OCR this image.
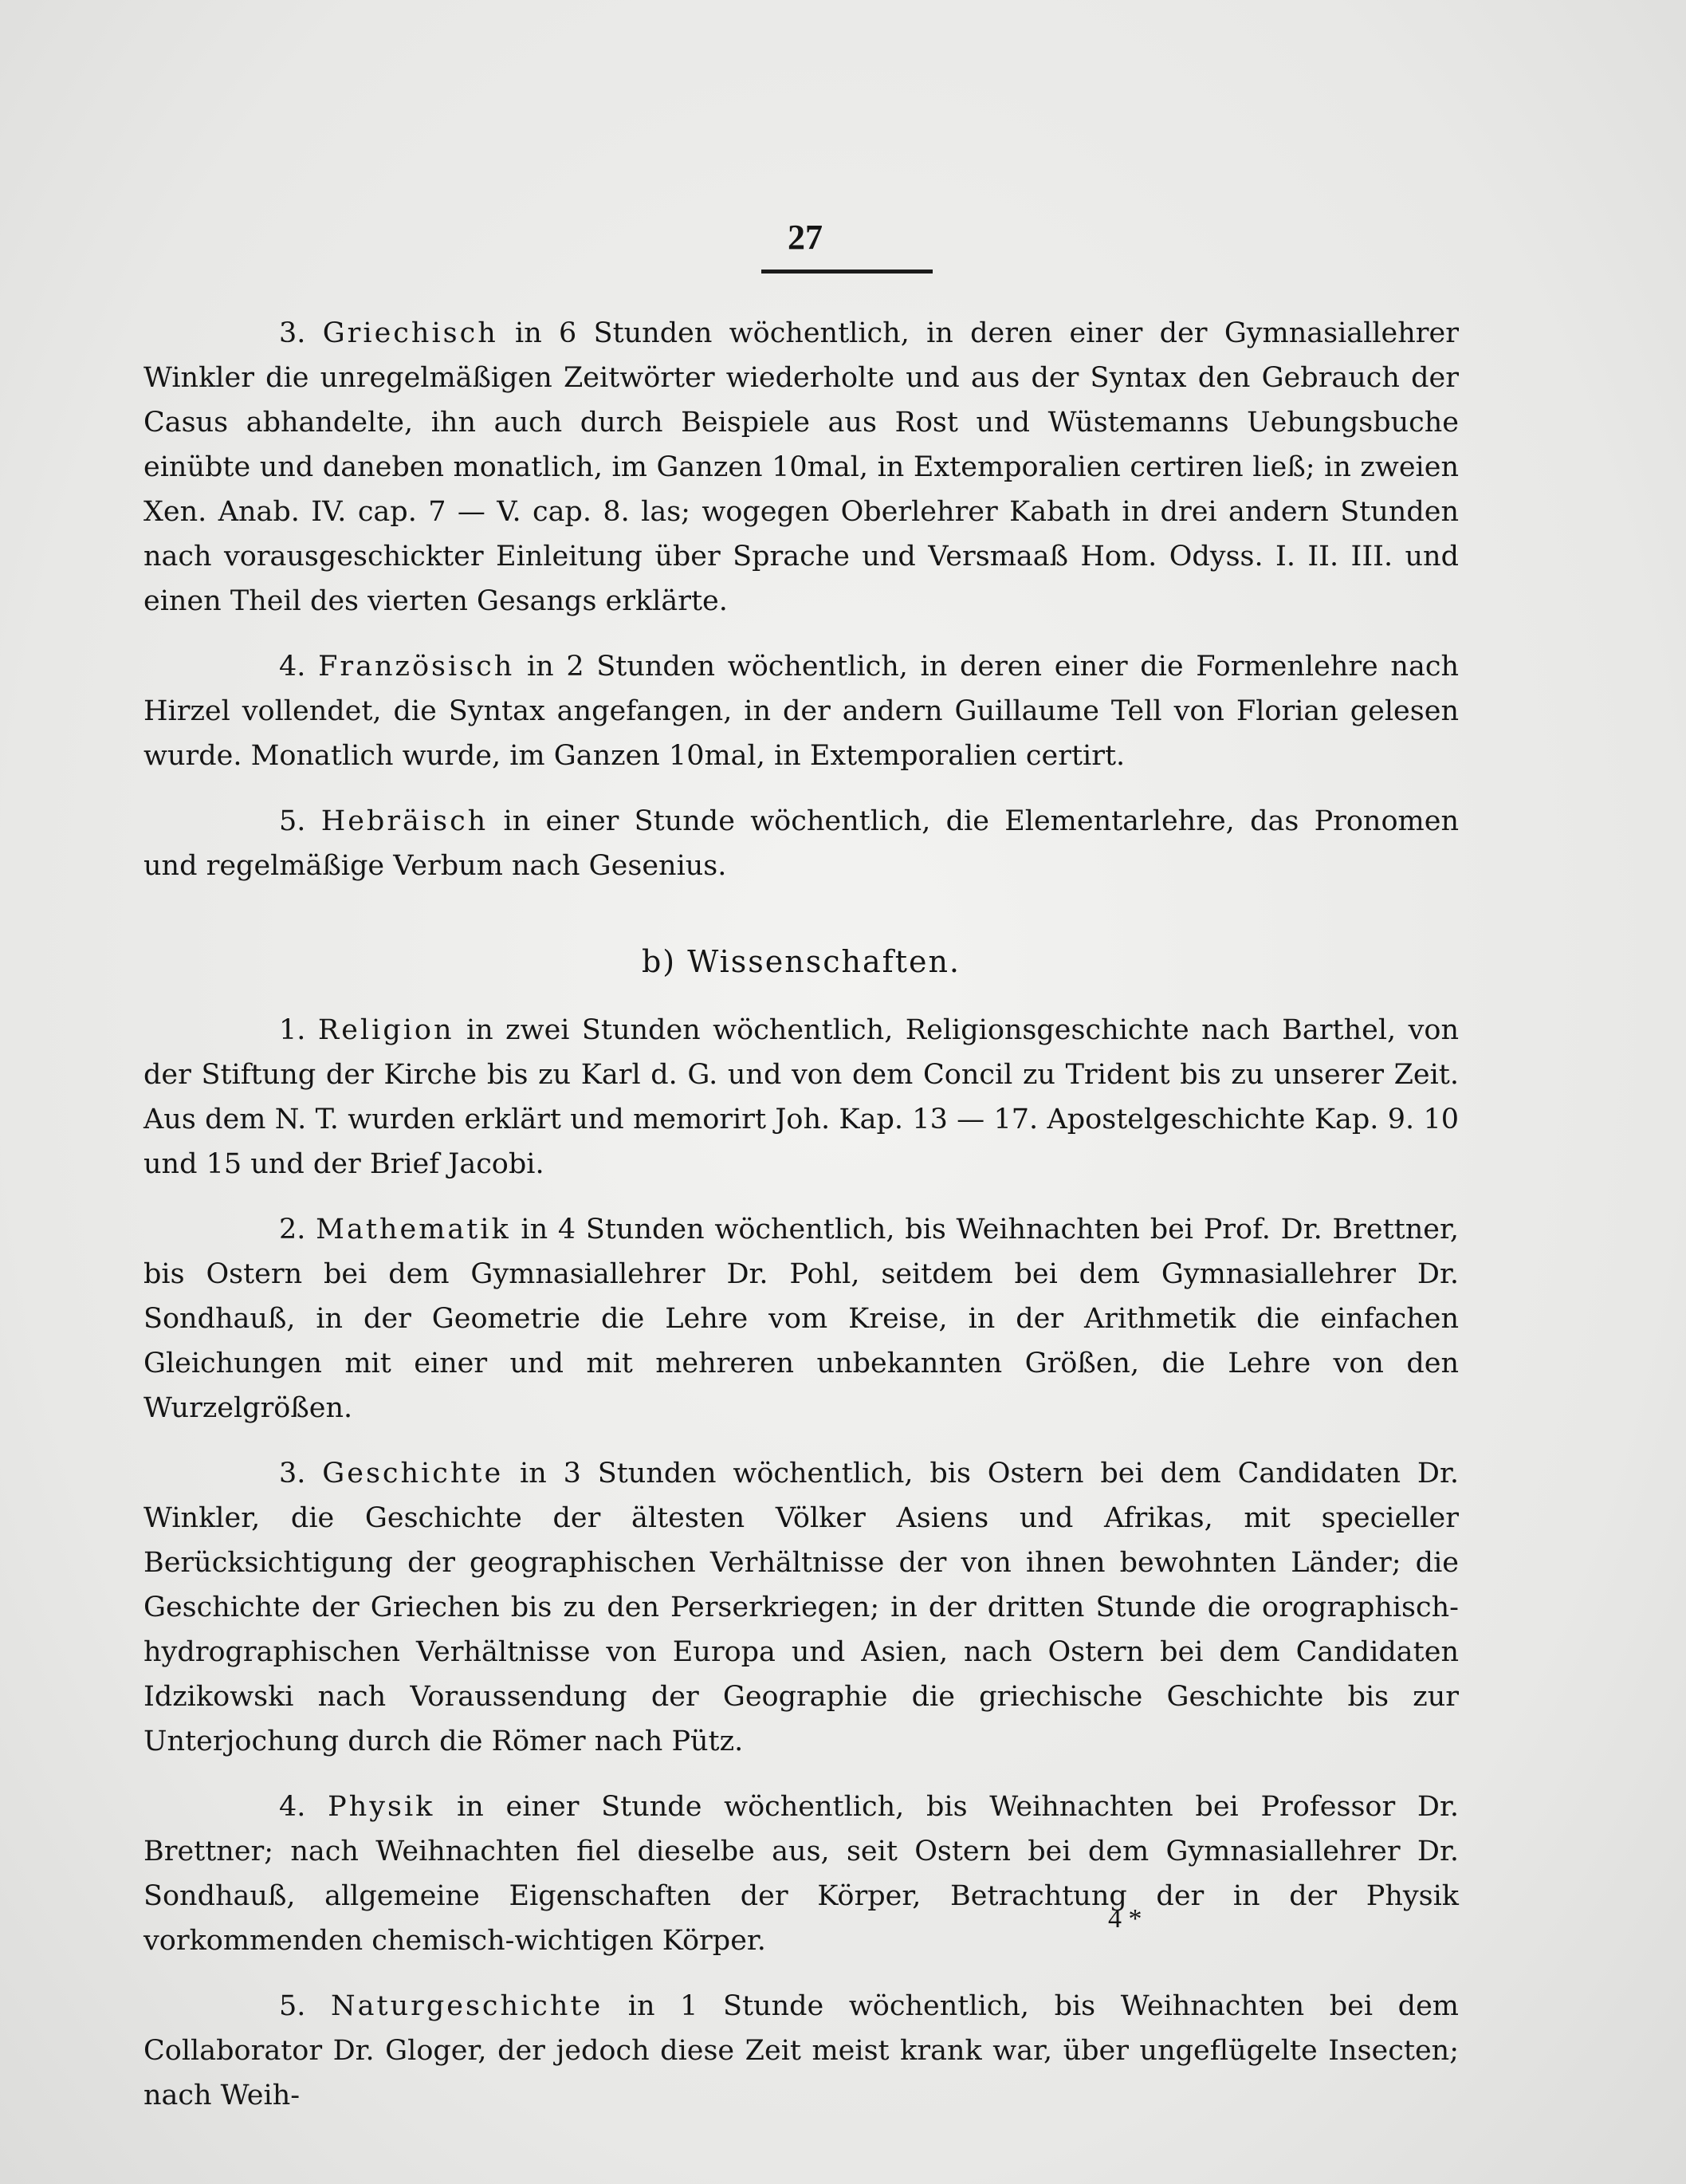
27

3. Griechisch in 6 Stunden wöchentlich, in deren einer der Gymnasiallehrer Winkler die unregelmäßigen Zeitwörter wiederholte und aus der Syntax den Gebrauch der Casus abhandelte, ihn auch durch Beispiele aus Rost und Wüstemanns Uebungsbuche einübte und daneben monatlich, im Ganzen 10mal, in Extemporalien certiren ließ; in zweien Xen. Anab. IV. cap. 7 — V. cap. 8. las; wogegen Oberlehrer Kabath in drei andern Stunden nach vorausgeschickter Einleitung über Sprache und Versmaaß Hom. Odyss. I. II. III. und einen Theil des vierten Gesangs erklärte.

4. Französisch in 2 Stunden wöchentlich, in deren einer die Formenlehre nach Hirzel vollendet, die Syntax angefangen, in der andern Guillaume Tell von Florian gelesen wurde. Monatlich wurde, im Ganzen 10mal, in Extemporalien certirt.

5. Hebräisch in einer Stunde wöchentlich, die Elementarlehre, das Pronomen und regelmäßige Verbum nach Gesenius.

b) Wissenschaften.

1. Religion in zwei Stunden wöchentlich, Religionsgeschichte nach Barthel, von der Stiftung der Kirche bis zu Karl d. G. und von dem Concil zu Trident bis zu unserer Zeit. Aus dem N. T. wurden erklärt und memorirt Joh. Kap. 13 — 17. Apostelgeschichte Kap. 9. 10 und 15 und der Brief Jacobi.

2. Mathematik in 4 Stunden wöchentlich, bis Weihnachten bei Prof. Dr. Brettner, bis Ostern bei dem Gymnasiallehrer Dr. Pohl, seitdem bei dem Gymnasiallehrer Dr. Sondhauß, in der Geometrie die Lehre vom Kreise, in der Arithmetik die einfachen Gleichungen mit einer und mit mehreren unbekannten Größen, die Lehre von den Wurzelgrößen.

3. Geschichte in 3 Stunden wöchentlich, bis Ostern bei dem Candidaten Dr. Winkler, die Geschichte der ältesten Völker Asiens und Afrikas, mit specieller Berücksichtigung der geographischen Verhältnisse der von ihnen bewohnten Länder; die Geschichte der Griechen bis zu den Perserkriegen; in der dritten Stunde die orographisch-hydrographischen Verhältnisse von Europa und Asien, nach Ostern bei dem Candidaten Idzikowski nach Voraussendung der Geographie die griechische Geschichte bis zur Unterjochung durch die Römer nach Pütz.

4. Physik in einer Stunde wöchentlich, bis Weihnachten bei Professor Dr. Brettner; nach Weihnachten fiel dieselbe aus, seit Ostern bei dem Gymnasiallehrer Dr. Sondhauß, allgemeine Eigenschaften der Körper, Betrachtung der in der Physik vorkommenden chemisch-wichtigen Körper.

5. Naturgeschichte in 1 Stunde wöchentlich, bis Weihnachten bei dem Collaborator Dr. Gloger, der jedoch diese Zeit meist krank war, über ungeflügelte Insecten; nach Weih-

4 *
